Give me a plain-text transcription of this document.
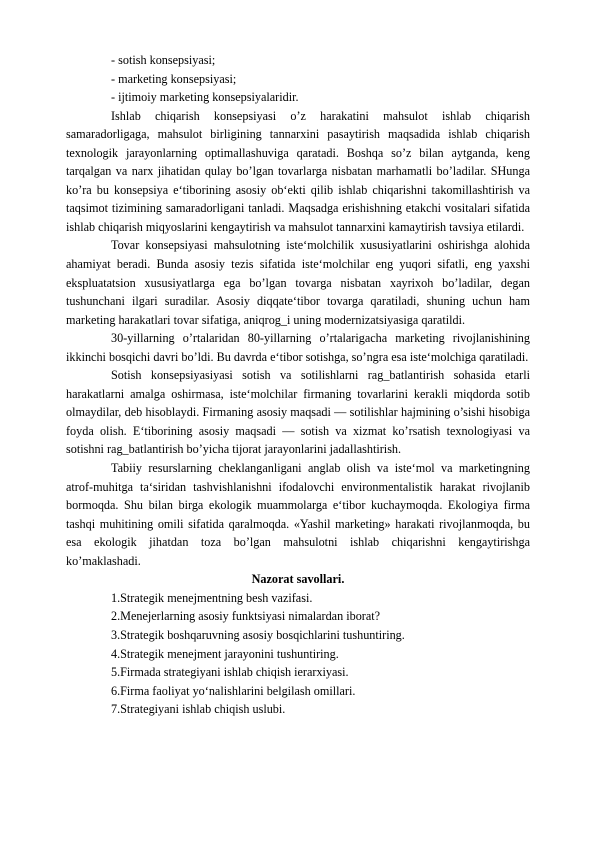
- sotish konsepsiyasi;
- marketing konsepsiyasi;
- ijtimoiy marketing konsepsiyalaridir.

Ishlab chiqarish konsepsiyasi o’z harakatini mahsulot ishlab chiqarish samaradorligaga, mahsulot birligining tannarxini pasaytirish maqsadida ishlab chiqarish texnologik jarayonlarning optimallashuviga qaratadi. Boshqa so’z bilan aytganda, keng tarqalgan va narx jihatidan qulay bo’lgan tovarlarga nisbatan marhamatli bo’ladilar. SHunga ko’ra bu konsepsiya e‘tiborining asosiy ob‘ekti qilib ishlab chiqarishni takomillashtirish va taqsimot tizimining samaradorligani tanladi. Maqsadga erishishning etakchi vositalari sifatida ishlab chiqarish miqyoslarini kengaytirish va mahsulot tannarxini kamaytirish tavsiya etilardi.

Tovar konsepsiyasi mahsulotning iste‘molchilik xususiyatlarini oshirishga alohida ahamiyat beradi. Bunda asosiy tezis sifatida iste‘molchilar eng yuqori sifatli, eng yaxshi ekspluatatsion xususiyatlarga ega bo’lgan tovarga nisbatan xayrixoh bo’ladilar, degan tushunchani ilgari suradilar. Asosiy diqqate‘tibor tovarga qaratiladi, shuning uchun ham marketing harakatlari tovar sifatiga, aniqrog_i uning modernizatsiyasiga qaratildi.

30-yillarning o’rtalaridan 80-yillarning o’rtalarigacha marketing rivojlanishining ikkinchi bosqichi davri bo’ldi. Bu davrda e‘tibor sotishga, so’ngra esa iste‘molchiga qaratiladi.

Sotish konsepsiyasiyasi sotish va sotilishlarni rag_batlantirish sohasida etarli harakatlarni amalga oshirmasa, iste‘molchilar firmaning tovarlarini kerakli miqdorda sotib olmaydilar, deb hisoblaydi. Firmaning asosiy maqsadi — sotilishlar hajmining o’sishi hisobiga foyda olish. E‘tiborining asosiy maqsadi — sotish va xizmat ko’rsatish texnologiyasi va sotishni rag_batlantirish bo’yicha tijorat jarayonlarini jadallashtirish.

Tabiiy resurslarning cheklanganligani anglab olish va iste‘mol va marketingning atrof-muhitga ta‘siridan tashvishlanishni ifodalovchi environmentalistik harakat rivojlanib bormoqda. Shu bilan birga ekologik muammolarga e‘tibor kuchaymoqda. Ekologiya firma tashqi muhitining omili sifatida qaralmoqda. «Yashil marketing» harakati rivojlanmoqda, bu esa ekologik jihatdan toza bo’lgan mahsulotni ishlab chiqarishni kengaytirishga ko’maklashadi.

Nazorat savollari.
1.Strategik menejmentning besh vazifasi.
2.Menejerlarning asosiy funktsiyasi nimalardan iborat?
3.Strategik boshqaruvning asosiy bosqichlarini tushuntiring.
4.Strategik menejment jarayonini tushuntiring.
5.Firmada strategiyani ishlab chiqish ierarxiyasi.
6.Firma faoliyat yo‘nalishlarini belgilash omillari.
7.Strategiyani ishlab chiqish uslubi.
